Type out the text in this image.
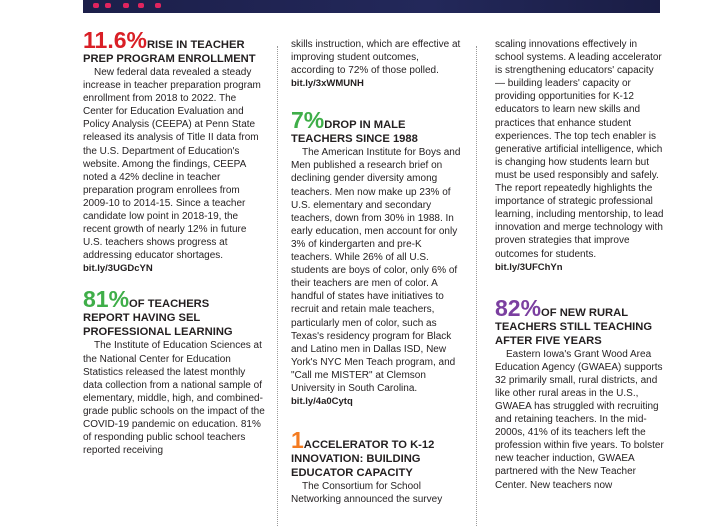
11.6%RISE IN TEACHER
PREP PROGRAM ENROLLMENT

New federal data revealed a steady increase in teacher preparation program enrollment from 2018 to 2022. The Center for Education Evaluation and Policy Analysis (CEEPA) at Penn State released its analysis of Title II data from the U.S. Department of Education's website. Among the findings, CEEPA noted a 42% decline in teacher preparation program enrollees from 2009-10 to 2014-15. Since a teacher candidate low point in 2018-19, the recent growth of nearly 12% in future U.S. teachers shows progress at addressing educator shortages.

bit.ly/3UGDcYN

81%OF TEACHERS
REPORT HAVING SEL
PROFESSIONAL LEARNING

The Institute of Education Sciences at the National Center for Education Statistics released the latest monthly data collection from a national sample of elementary, middle, high, and combined-grade public schools on the impact of the COVID-19 pandemic on education. 81% of responding public school teachers reported receiving

skills instruction, which are effective at improving student outcomes, according to 72% of those polled.

bit.ly/3xWMUNH

7%DROP IN MALE
TEACHERS SINCE 1988

The American Institute for Boys and Men published a research brief on declining gender diversity among teachers. Men now make up 23% of U.S. elementary and secondary teachers, down from 30% in 1988. In early education, men account for only 3% of kindergarten and pre-K teachers. While 26% of all U.S. students are boys of color, only 6% of their teachers are men of color. A handful of states have initiatives to recruit and retain male teachers, particularly men of color, such as Texas's residency program for Black and Latino men in Dallas ISD, New York's NYC Men Teach program, and "Call me MISTER" at Clemson University in South Carolina.

bit.ly/4a0Cytq

1ACCELERATOR TO K-12
INNOVATION: BUILDING
EDUCATOR CAPACITY

The Consortium for School Networking announced the survey

scaling innovations effectively in school systems. A leading accelerator is strengthening educators' capacity — building leaders' capacity or providing opportunities for K-12 educators to learn new skills and practices that enhance student experiences. The top tech enabler is generative artificial intelligence, which is changing how students learn but must be used responsibly and safely. The report repeatedly highlights the importance of strategic professional learning, including mentorship, to lead innovation and merge technology with proven strategies that improve outcomes for students.

bit.ly/3UFChYn

82%OF NEW RURAL
TEACHERS STILL TEACHING
AFTER FIVE YEARS

Eastern Iowa's Grant Wood Area Education Agency (GWAEA) supports 32 primarily small, rural districts, and like other rural areas in the U.S., GWAEA has struggled with recruiting and retaining teachers. In the mid-2000s, 41% of its teachers left the profession within five years. To bolster new teacher induction, GWAEA partnered with the New Teacher Center. New teachers now
